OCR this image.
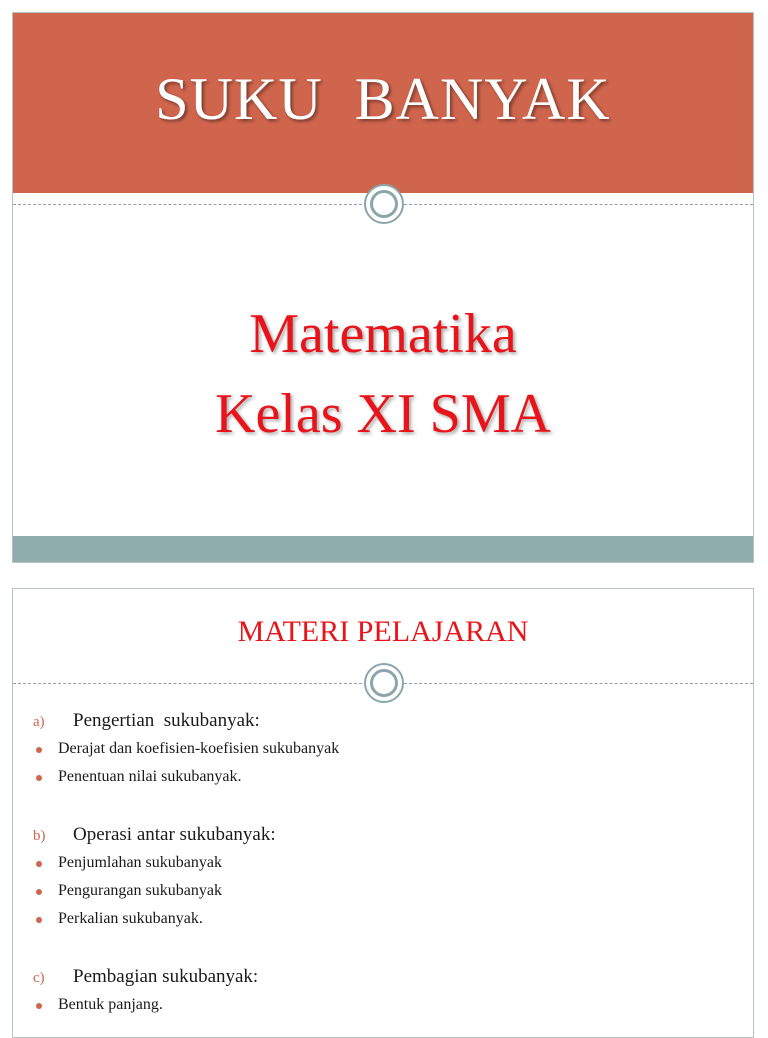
SUKU  BANYAK
Matematika
Kelas XI SMA
MATERI PELAJARAN
a) Pengertian  sukubanyak:
Derajat dan koefisien-koefisien sukubanyak
Penentuan nilai sukubanyak.
b) Operasi antar sukubanyak:
Penjumlahan sukubanyak
Pengurangan sukubanyak
Perkalian sukubanyak.
c) Pembagian sukubanyak:
Bentuk panjang.
